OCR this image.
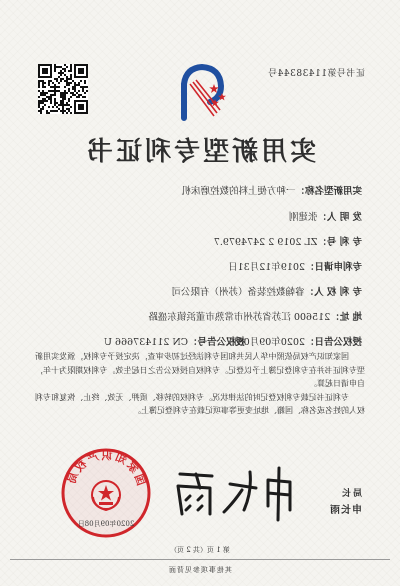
证书号第11438344号
实用新型专利证书
实用新型名称：一种方便上料的数控磨床机
发 明 人：张建刚
专 利 号：ZL 2019 2 2474979.7
专利申请日：2019年12月31日
专 利 权 人：睿翰数控装备（苏州）有限公司
地 址：215600 江苏省苏州市常熟市董浜镇东盛路
授权公告日：2020年09月08日
授权公告号：CN 211437666 U

国家知识产权局依照中华人民共和国专利法经过初步审查，决定授予专利权，颁发实用新型专利证书并在专利登记簿上予以登记。专利权自授权公告之日起生效。专利权期限为十年，自申请日起算。

专利证书记载专利权登记时的法律状况。专利权的转移、质押、无效、终止、恢复和专利权人的姓名或名称、国籍、地址变更等事项记载在专利登记簿上。

国家知识产权局
2020年09月08日
局长
申长雨
第 1 页（共 2 页）
其他事项参见背面
